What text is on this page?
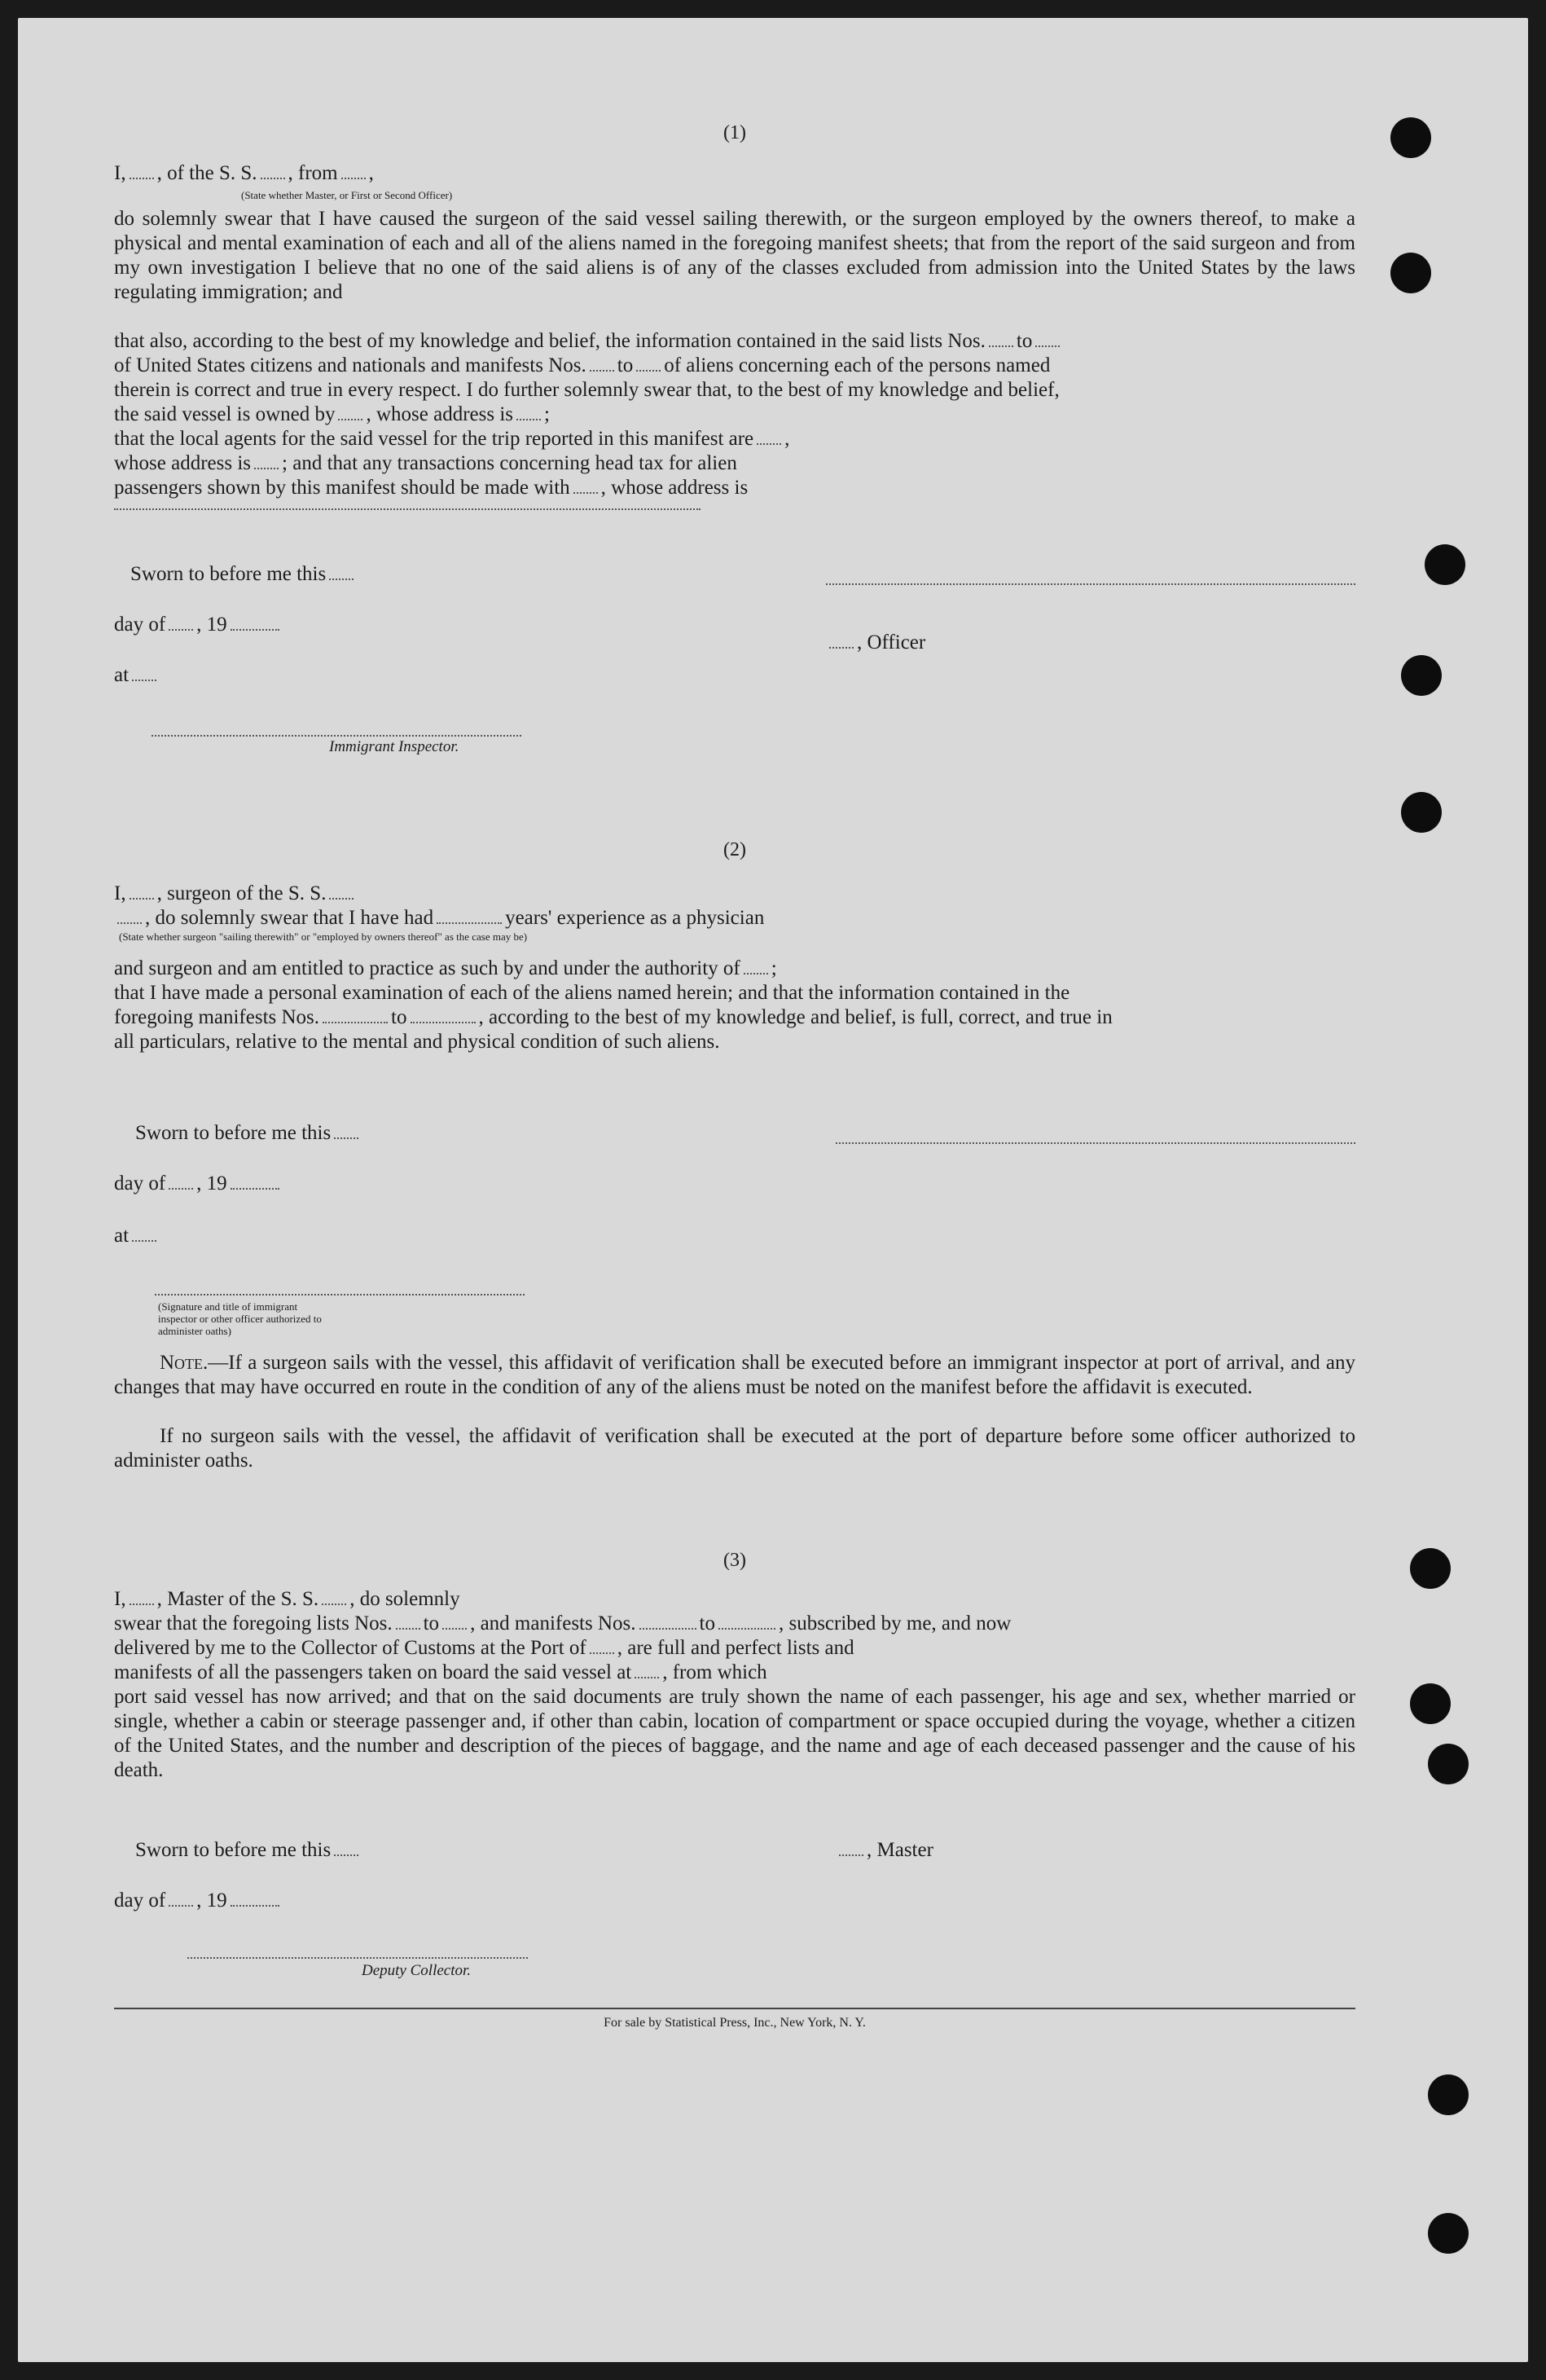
(1)
I, , of the S. S. , from ,
(State whether Master, or First or Second Officer)

do solemnly swear that I have caused the surgeon of the said vessel sailing therewith, or the surgeon employed by the owners thereof, to make a physical and mental examination of each and all of the aliens named in the foregoing manifest sheets; that from the report of the said surgeon and from my own investigation I believe that no one of the said aliens is of any of the classes excluded from admission into the United States by the laws regulating immigration; and

that also, according to the best of my knowledge and belief, the information contained in the said lists Nos. to
of United States citizens and nationals and manifests Nos. to of aliens concerning each of the persons named
therein is correct and true in every respect. I do further solemnly swear that, to the best of my knowledge and belief,
the said vessel is owned by , whose address is ;
that the local agents for the said vessel for the trip reported in this manifest are ,
whose address is ; and that any transactions concerning head tax for alien
passengers shown by this manifest should be made with , whose address is
Sworn to before me this
day of , 19
at
Immigrant Inspector.
, Officer
(2)
I, , surgeon of the S. S.
, do solemnly swear that I have had	years' experience as a physician
(State whether surgeon "sailing therewith" or "employed by owners thereof" as the case may be)
and surgeon and am entitled to practice as such by and under the authority of ;
that I have made a personal examination of each of the aliens named herein; and that the information contained in the
foregoing manifests Nos.	to	, according to the best of my knowledge and belief, is full, correct, and true in
all particulars, relative to the mental and physical condition of such aliens.
Sworn to before me this
day of , 19
at
(Signature and title of immigrant inspector or other officer authorized to administer oaths)

Note.—If a surgeon sails with the vessel, this affidavit of verification shall be executed before an immigrant inspector at port of arrival, and any changes that may have occurred en route in the condition of any of the aliens must be noted on the manifest before the affidavit is executed.

If no surgeon sails with the vessel, the affidavit of verification shall be executed at the port of departure before some officer authorized to administer oaths.

(3)
I, , Master of the S. S. , do solemnly
swear that the foregoing lists Nos. to , and manifests Nos.	to	, subscribed by me, and now
delivered by me to the Collector of Customs at the Port of , are full and perfect lists and
manifests of all the passengers taken on board the said vessel at , from which

port said vessel has now arrived; and that on the said documents are truly shown the name of each passenger, his age and sex, whether married or single, whether a cabin or steerage passenger and, if other than cabin, location of compartment or space occupied during the voyage, whether a citizen of the United States, and the number and description of the pieces of baggage, and the name and age of each deceased passenger and the cause of his death.

Sworn to before me this	, Master
day of , 19
Deputy Collector.
For sale by Statistical Press, Inc., New York, N. Y.
